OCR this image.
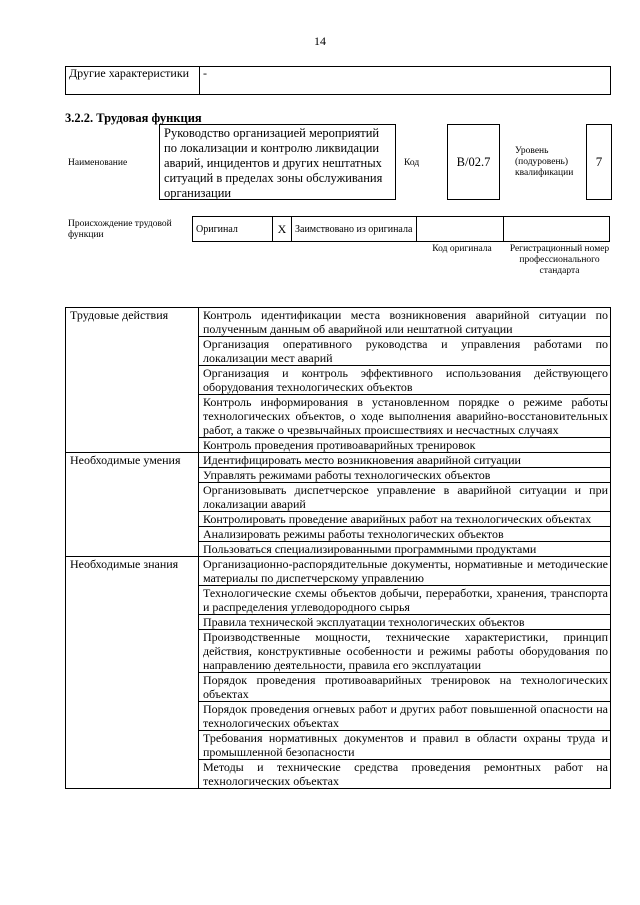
14
Другие характеристики	-
3.2.2. Трудовая функция
Наименование
Руководство организацией мероприятий по локализации и контролю ликвидации аварий, инцидентов и других нештатных ситуаций в пределах зоны обслуживания организации
Код	B/02.7
Уровень (подуровень) квалификации
7
Происхождение трудовой функции
Оригинал	X	Заимствовано из оригинала		
Код оригинала	Регистрационный номер профессионального стандарта
Трудовые действия	Контроль идентификации места возникновения аварийной ситуации по полученным данным об аварийной или нештатной ситуации
	Организация оперативного руководства и управления работами по локализации мест аварий
	Организация и контроль эффективного использования действующего оборудования технологических объектов
	Контроль информирования в установленном порядке о режиме работы технологических объектов, о ходе выполнения аварийно-восстановительных работ, а также о чрезвычайных происшествиях и несчастных случаях
	Контроль проведения противоаварийных тренировок
Необходимые умения	Идентифицировать место возникновения аварийной ситуации
	Управлять режимами работы технологических объектов
	Организовывать диспетчерское управление в аварийной ситуации и при локализации аварий
	Контролировать проведение аварийных работ на технологических объектах
	Анализировать режимы работы технологических объектов
	Пользоваться специализированными программными продуктами
Необходимые знания	Организационно-распорядительные документы, нормативные и методические материалы по диспетчерскому управлению
	Технологические схемы объектов добычи, переработки, хранения, транспорта и распределения углеводородного сырья
	Правила технической эксплуатации технологических объектов
	Производственные мощности, технические характеристики, принцип действия, конструктивные особенности и режимы работы оборудования по направлению деятельности, правила его эксплуатации
	Порядок проведения противоаварийных тренировок на технологических объектах
	Порядок проведения огневых работ и других работ повышенной опасности на технологических объектах
	Требования нормативных документов и правил в области охраны труда и промышленной безопасности
	Методы и технические средства проведения ремонтных работ на технологических объектах
